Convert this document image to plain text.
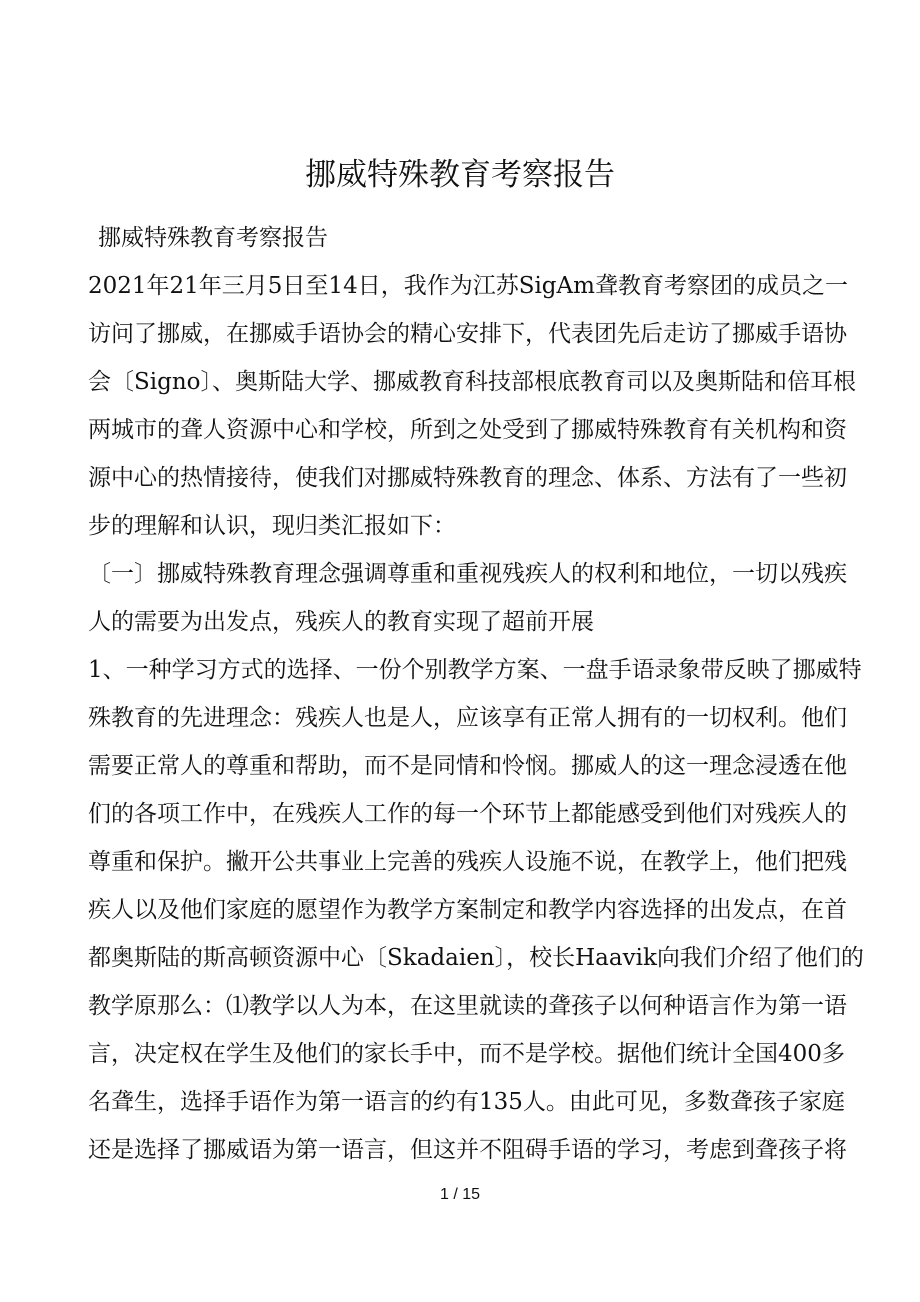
挪威特殊教育考察报告
挪威特殊教育考察报告
2021年21年三月5日至14日，我作为江苏SigAm聋教育考察团的成员之一
访问了挪威，在挪威手语协会的精心安排下，代表团先后走访了挪威手语协
会〔Signo〕、奥斯陆大学、挪威教育科技部根底教育司以及奥斯陆和倍耳根
两城市的聋人资源中心和学校，所到之处受到了挪威特殊教育有关机构和资
源中心的热情接待，使我们对挪威特殊教育的理念、体系、方法有了一些初
步的理解和认识，现归类汇报如下：
〔一〕挪威特殊教育理念强调尊重和重视残疾人的权利和地位，一切以残疾
人的需要为出发点，残疾人的教育实现了超前开展
1、一种学习方式的选择、一份个别教学方案、一盘手语录象带反映了挪威特
殊教育的先进理念：残疾人也是人，应该享有正常人拥有的一切权利。他们
需要正常人的尊重和帮助，而不是同情和怜悯。挪威人的这一理念浸透在他
们的各项工作中，在残疾人工作的每一个环节上都能感受到他们对残疾人的
尊重和保护。撇开公共事业上完善的残疾人设施不说，在教学上，他们把残
疾人以及他们家庭的愿望作为教学方案制定和教学内容选择的出发点，在首
都奥斯陆的斯高顿资源中心〔Skadaien〕，校长Haavik向我们介绍了他们的
教学原那么：⑴教学以人为本，在这里就读的聋孩子以何种语言作为第一语
言，决定权在学生及他们的家长手中，而不是学校。据他们统计全国400多
名聋生，选择手语作为第一语言的约有135人。由此可见，多数聋孩子家庭
还是选择了挪威语为第一语言，但这并不阻碍手语的学习，考虑到聋孩子将
1 / 15
